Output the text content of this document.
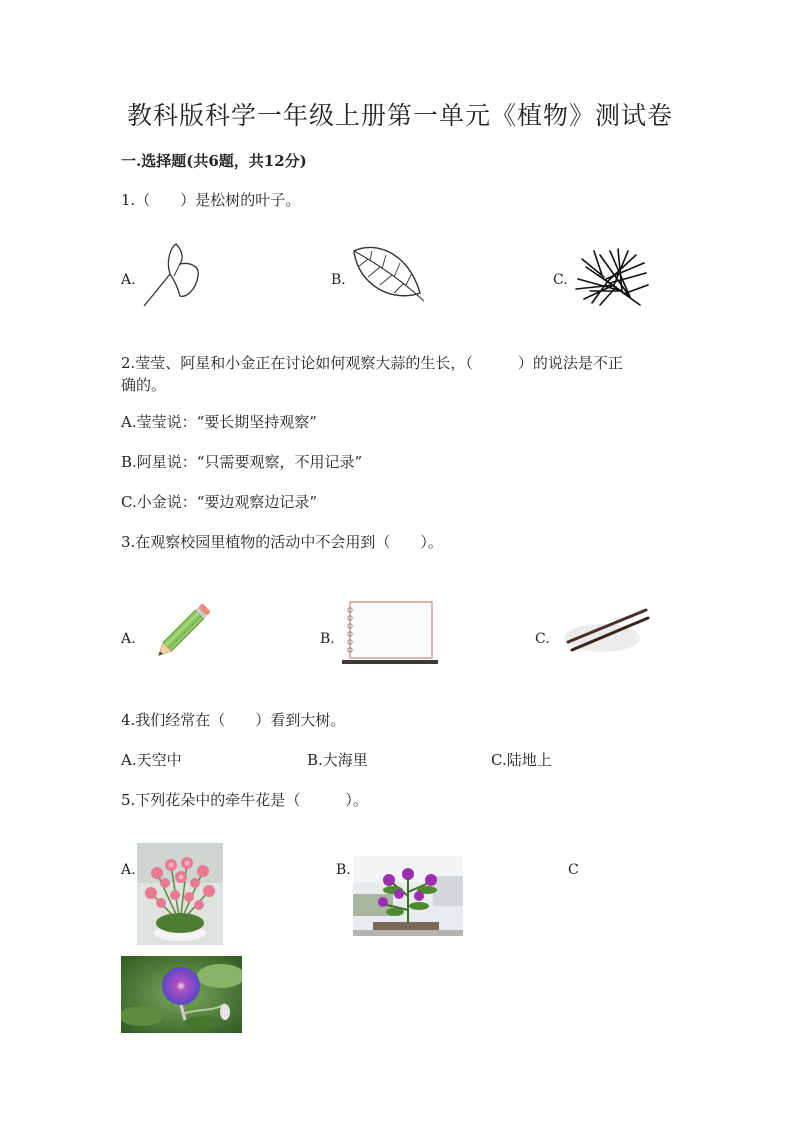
教科版科学一年级上册第一单元《植物》测试卷
一.选择题(共6题，共12分)
1.（　　）是松树的叶子。
A.	B.	C.
2.莹莹、阿星和小金正在讨论如何观察大蒜的生长，（　　　）的说法是不正
确的。
A.莹莹说：“要长期坚持观察”
B.阿星说：“只需要观察，不用记录”
C.小金说：“要边观察边记录”
3.在观察校园里植物的活动中不会用到（　　）。
A.	B.	C.
4.我们经常在（　　）看到大树。
A.天空中	B.大海里	C.陆地上
5.下列花朵中的牵牛花是（　　　）。
A.	B.	C
